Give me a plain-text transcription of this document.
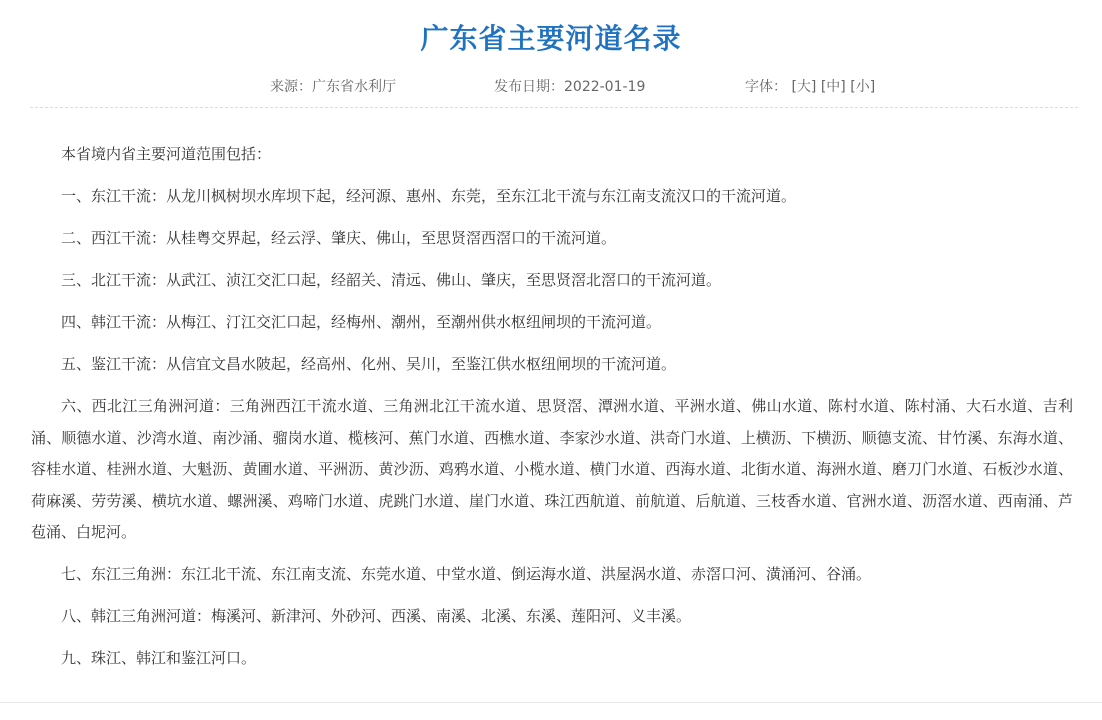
广东省主要河道名录
来源：广东省水利厅	发布日期：2022-01-19	字体： [大] [中] [小]

本省境内省主要河道范围包括：

一、东江干流：从龙川枫树坝水库坝下起，经河源、惠州、东莞，至东江北干流与东江南支流汉口的干流河道。

二、西江干流：从桂粤交界起，经云浮、肇庆、佛山，至思贤滘西滘口的干流河道。

三、北江干流：从武江、浈江交汇口起，经韶关、清远、佛山、肇庆，至思贤滘北滘口的干流河道。

四、韩江干流：从梅江、汀江交汇口起，经梅州、潮州，至潮州供水枢纽闸坝的干流河道。

五、鉴江干流：从信宜文昌水陂起，经高州、化州、吴川，至鉴江供水枢纽闸坝的干流河道。

六、西北江三角洲河道：三角洲西江干流水道、三角洲北江干流水道、思贤滘、潭洲水道、平洲水道、佛山水道、陈村水道、陈村涌、大石水道、吉利涌、顺德水道、沙湾水道、南沙涌、骝岗水道、榄核河、蕉门水道、西樵水道、李家沙水道、洪奇门水道、上横沥、下横沥、顺德支流、甘竹溪、东海水道、容桂水道、桂洲水道、大魁沥、黄圃水道、平洲沥、黄沙沥、鸡鸦水道、小榄水道、横门水道、西海水道、北街水道、海洲水道、磨刀门水道、石板沙水道、荷麻溪、劳劳溪、横坑水道、螺洲溪、鸡啼门水道、虎跳门水道、崖门水道、珠江西航道、前航道、后航道、三枝香水道、官洲水道、沥滘水道、西南涌、芦苞涌、白坭河。

七、东江三角洲：东江北干流、东江南支流、东莞水道、中堂水道、倒运海水道、洪屋涡水道、赤滘口河、潢涌河、谷涌。

八、韩江三角洲河道：梅溪河、新津河、外砂河、西溪、南溪、北溪、东溪、莲阳河、义丰溪。

九、珠江、韩江和鉴江河口。
